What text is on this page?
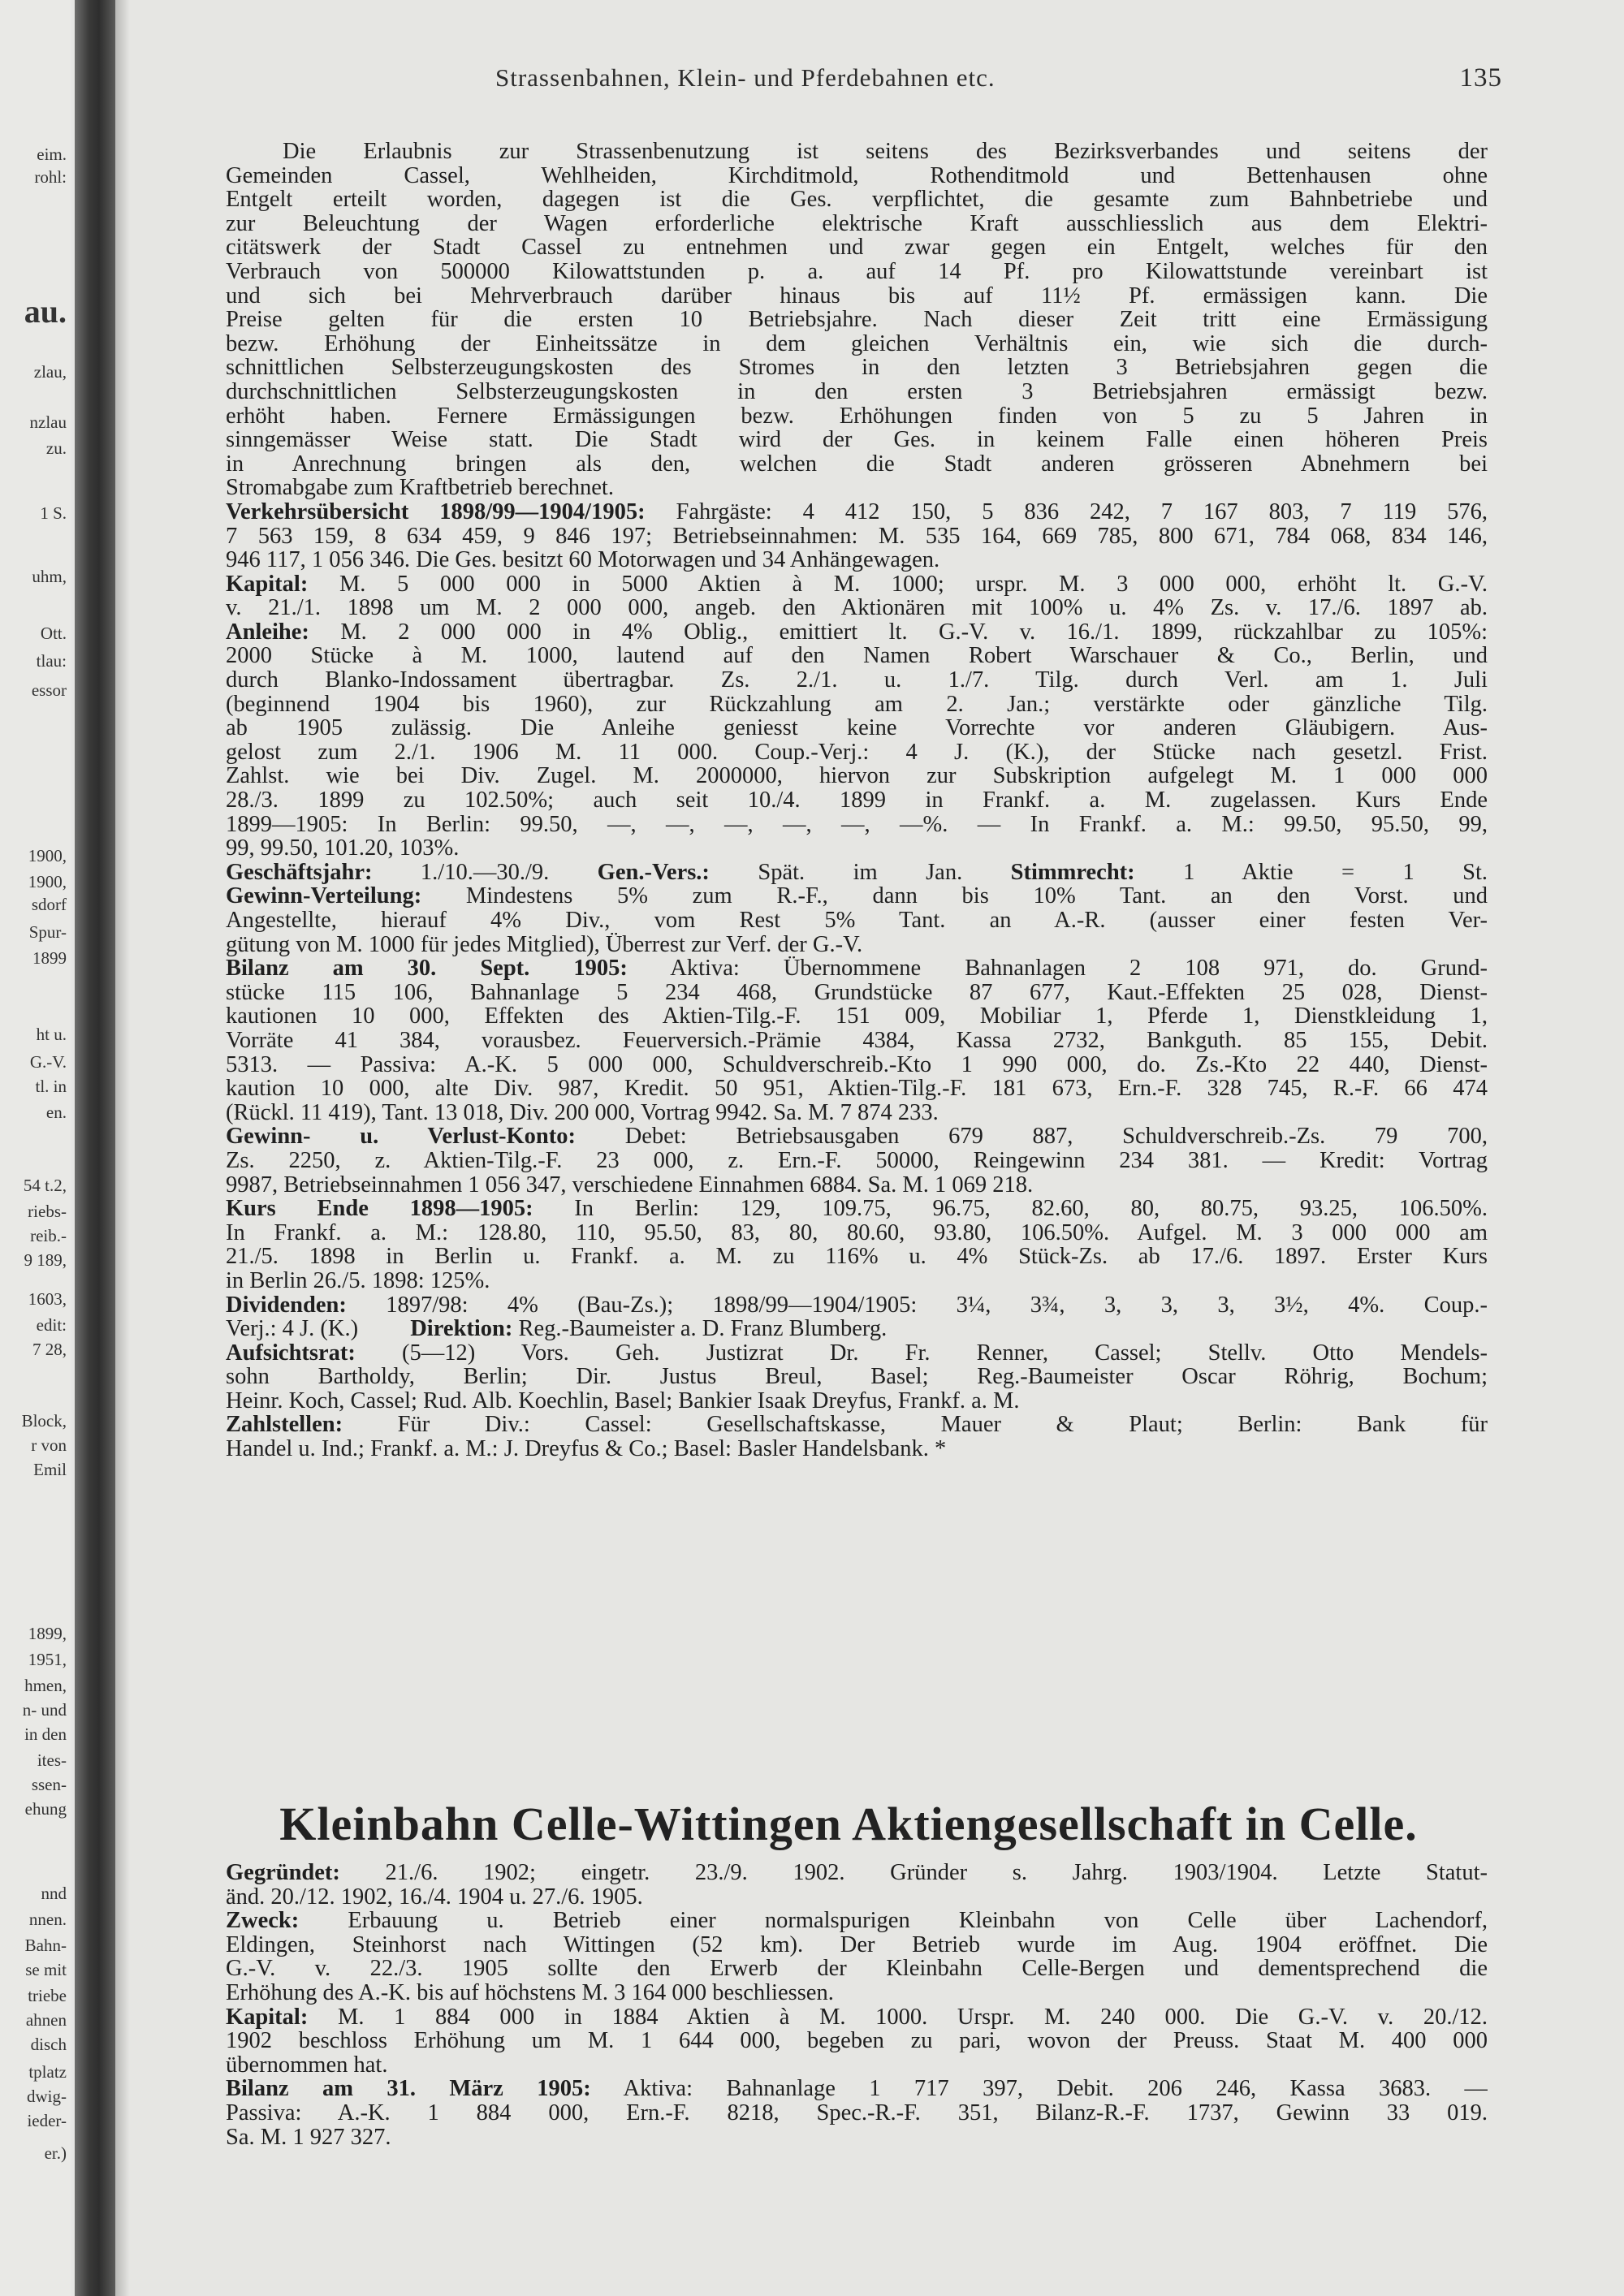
eim.
rohl:
au.
zlau,
nzlau
zu.
1 S.
uhm,
Ott.
tlau:
essor
1900,
1900,
sdorf
Spur-
1899
ht u.
G.-V.
tl. in
en.
54 t.2,
riebs-
reib.-
9 189,
1603,
edit:
7 28,
Block,
r von
Emil
1899,
1951,
hmen,
n- und
in den
ites-
ssen-
ehung
nnd
nnen.
Bahn-
se mit
triebe
ahnen
disch
tplatz
dwig-
ieder-
er.)
Strassenbahnen, Klein- und Pferdebahnen etc.	135
Die Erlaubnis zur Strassenbenutzung ist seitens des Bezirksverbandes und seitens der
Gemeinden Cassel, Wehlheiden, Kirchditmold, Rothenditmold und Bettenhausen ohne
Entgelt erteilt worden, dagegen ist die Ges. verpflichtet, die gesamte zum Bahnbetriebe und
zur Beleuchtung der Wagen erforderliche elektrische Kraft ausschliesslich aus dem Elektri-
citätswerk der Stadt Cassel zu entnehmen und zwar gegen ein Entgelt, welches für den
Verbrauch von 500000 Kilowattstunden p. a. auf 14 Pf. pro Kilowattstunde vereinbart ist
und sich bei Mehrverbrauch darüber hinaus bis auf 11½ Pf. ermässigen kann. Die
Preise gelten für die ersten 10 Betriebsjahre. Nach dieser Zeit tritt eine Ermässigung
bezw. Erhöhung der Einheitssätze in dem gleichen Verhältnis ein, wie sich die durch-
schnittlichen Selbsterzeugungskosten des Stromes in den letzten 3 Betriebsjahren gegen die
durchschnittlichen Selbsterzeugungskosten in den ersten 3 Betriebsjahren ermässigt bezw.
erhöht haben. Fernere Ermässigungen bezw. Erhöhungen finden von 5 zu 5 Jahren in
sinngemässer Weise statt. Die Stadt wird der Ges. in keinem Falle einen höheren Preis
in Anrechnung bringen als den, welchen die Stadt anderen grösseren Abnehmern bei
Stromabgabe zum Kraftbetrieb berechnet.
Verkehrsübersicht 1898/99—1904/1905: Fahrgäste: 4 412 150, 5 836 242, 7 167 803, 7 119 576,
7 563 159, 8 634 459, 9 846 197; Betriebseinnahmen: M. 535 164, 669 785, 800 671, 784 068, 834 146,
946 117, 1 056 346. Die Ges. besitzt 60 Motorwagen und 34 Anhängewagen.
Kapital: M. 5 000 000 in 5000 Aktien à M. 1000; urspr. M. 3 000 000, erhöht lt. G.-V.
v. 21./1. 1898 um M. 2 000 000, angeb. den Aktionären mit 100% u. 4% Zs. v. 17./6. 1897 ab.
Anleihe: M. 2 000 000 in 4% Oblig., emittiert lt. G.-V. v. 16./1. 1899, rückzahlbar zu 105%:
2000 Stücke à M. 1000, lautend auf den Namen Robert Warschauer & Co., Berlin, und
durch Blanko-Indossament übertragbar. Zs. 2./1. u. 1./7. Tilg. durch Verl. am 1. Juli
(beginnend 1904 bis 1960), zur Rückzahlung am 2. Jan.; verstärkte oder gänzliche Tilg.
ab 1905 zulässig. Die Anleihe geniesst keine Vorrechte vor anderen Gläubigern. Aus-
gelost zum 2./1. 1906 M. 11 000. Coup.-Verj.: 4 J. (K.), der Stücke nach gesetzl. Frist.
Zahlst. wie bei Div. Zugel. M. 2000000, hiervon zur Subskription aufgelegt M. 1 000 000
28./3. 1899 zu 102.50%; auch seit 10./4. 1899 in Frankf. a. M. zugelassen. Kurs Ende
1899—1905: In Berlin: 99.50, —, —, —, —, —, —%. — In Frankf. a. M.: 99.50, 95.50, 99,
99, 99.50, 101.20, 103%.
Geschäftsjahr: 1./10.—30./9. Gen.-Vers.: Spät. im Jan. Stimmrecht: 1 Aktie = 1 St.
Gewinn-Verteilung: Mindestens 5% zum R.-F., dann bis 10% Tant. an den Vorst. und
Angestellte, hierauf 4% Div., vom Rest 5% Tant. an A.-R. (ausser einer festen Ver-
gütung von M. 1000 für jedes Mitglied), Überrest zur Verf. der G.-V.
Bilanz am 30. Sept. 1905: Aktiva: Übernommene Bahnanlagen 2 108 971, do. Grund-
stücke 115 106, Bahnanlage 5 234 468, Grundstücke 87 677, Kaut.-Effekten 25 028, Dienst-
kautionen 10 000, Effekten des Aktien-Tilg.-F. 151 009, Mobiliar 1, Pferde 1, Dienstkleidung 1,
Vorräte 41 384, vorausbez. Feuerversich.-Prämie 4384, Kassa 2732, Bankguth. 85 155, Debit.
5313. — Passiva: A.-K. 5 000 000, Schuldverschreib.-Kto 1 990 000, do. Zs.-Kto 22 440, Dienst-
kaution 10 000, alte Div. 987, Kredit. 50 951, Aktien-Tilg.-F. 181 673, Ern.-F. 328 745, R.-F. 66 474
(Rückl. 11 419), Tant. 13 018, Div. 200 000, Vortrag 9942. Sa. M. 7 874 233.
Gewinn- u. Verlust-Konto: Debet: Betriebsausgaben 679 887, Schuldverschreib.-Zs. 79 700,
Zs. 2250, z. Aktien-Tilg.-F. 23 000, z. Ern.-F. 50000, Reingewinn 234 381. — Kredit: Vortrag
9987, Betriebseinnahmen 1 056 347, verschiedene Einnahmen 6884. Sa. M. 1 069 218.
Kurs Ende 1898—1905: In Berlin: 129, 109.75, 96.75, 82.60, 80, 80.75, 93.25, 106.50%.
In Frankf. a. M.: 128.80, 110, 95.50, 83, 80, 80.60, 93.80, 106.50%. Aufgel. M. 3 000 000 am
21./5. 1898 in Berlin u. Frankf. a. M. zu 116% u. 4% Stück-Zs. ab 17./6. 1897. Erster Kurs
in Berlin 26./5. 1898: 125%.
Dividenden: 1897/98: 4% (Bau-Zs.); 1898/99—1904/1905: 3¼, 3¾, 3, 3, 3, 3½, 4%. Coup.-
Verj.: 4 J. (K.) Direktion: Reg.-Baumeister a. D. Franz Blumberg.
Aufsichtsrat: (5—12) Vors. Geh. Justizrat Dr. Fr. Renner, Cassel; Stellv. Otto Mendels-
sohn Bartholdy, Berlin; Dir. Justus Breul, Basel; Reg.-Baumeister Oscar Röhrig, Bochum;
Heinr. Koch, Cassel; Rud. Alb. Koechlin, Basel; Bankier Isaak Dreyfus, Frankf. a. M.
Zahlstellen: Für Div.: Cassel: Gesellschaftskasse, Mauer & Plaut; Berlin: Bank für
Handel u. Ind.; Frankf. a. M.: J. Dreyfus & Co.; Basel: Basler Handelsbank. *
Kleinbahn Celle-Wittingen Aktiengesellschaft in Celle.
Gegründet: 21./6. 1902; eingetr. 23./9. 1902. Gründer s. Jahrg. 1903/1904. Letzte Statut-
änd. 20./12. 1902, 16./4. 1904 u. 27./6. 1905.
Zweck: Erbauung u. Betrieb einer normalspurigen Kleinbahn von Celle über Lachendorf,
Eldingen, Steinhorst nach Wittingen (52 km). Der Betrieb wurde im Aug. 1904 eröffnet. Die
G.-V. v. 22./3. 1905 sollte den Erwerb der Kleinbahn Celle-Bergen und dementsprechend die
Erhöhung des A.-K. bis auf höchstens M. 3 164 000 beschliessen.
Kapital: M. 1 884 000 in 1884 Aktien à M. 1000. Urspr. M. 240 000. Die G.-V. v. 20./12.
1902 beschloss Erhöhung um M. 1 644 000, begeben zu pari, wovon der Preuss. Staat M. 400 000
übernommen hat.
Bilanz am 31. März 1905: Aktiva: Bahnanlage 1 717 397, Debit. 206 246, Kassa 3683. —
Passiva: A.-K. 1 884 000, Ern.-F. 8218, Spec.-R.-F. 351, Bilanz-R.-F. 1737, Gewinn 33 019.
Sa. M. 1 927 327.
